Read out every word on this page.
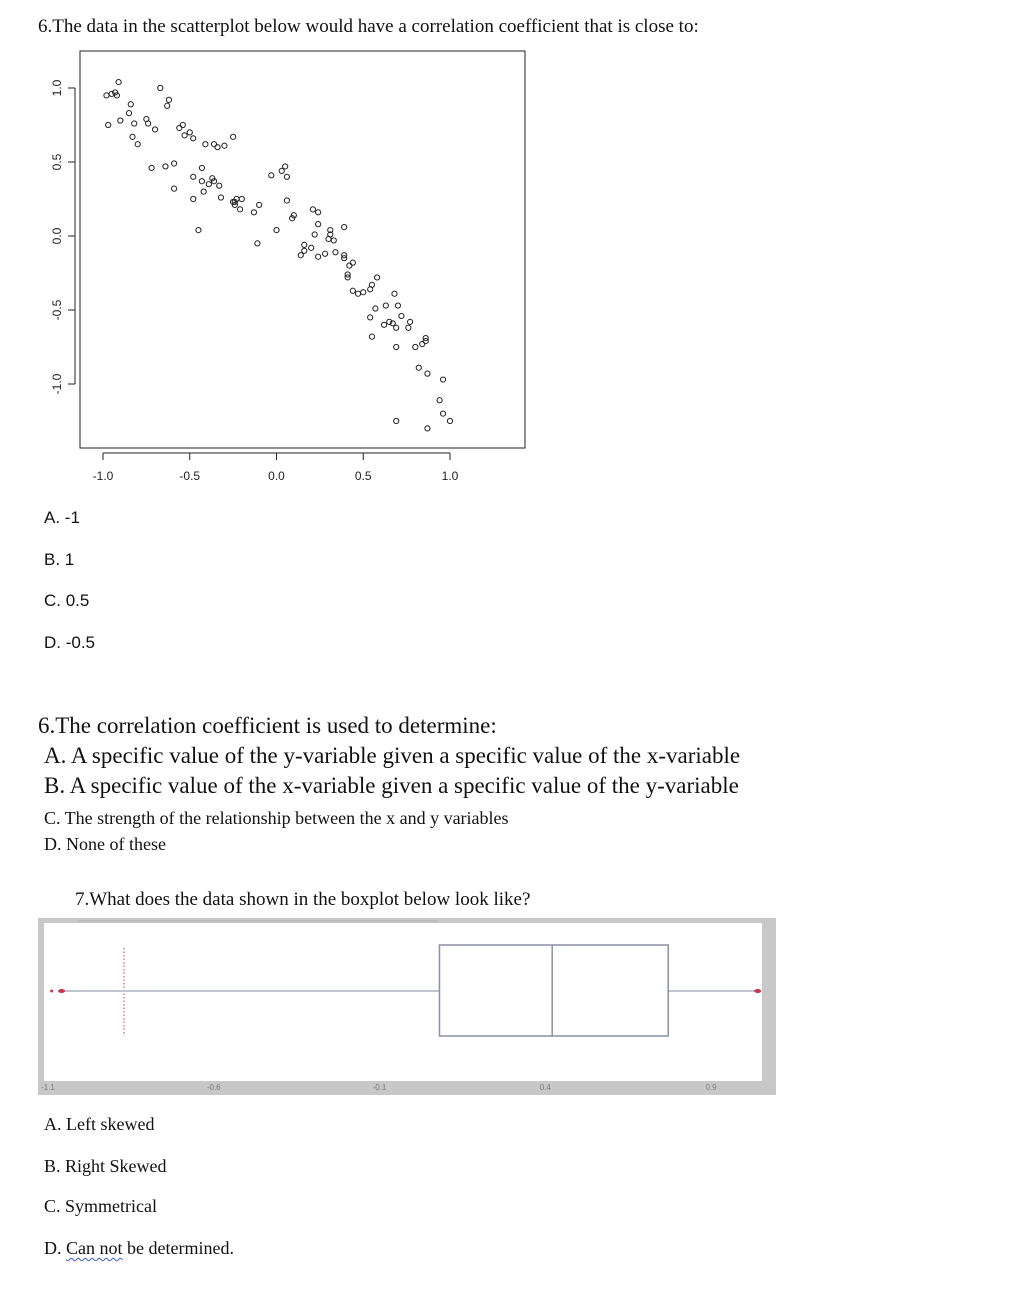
6.The data in the scatterplot below would have a correlation coefficient that is close to:
1.0
0.5
0.0
-0.5
-1.0
-1.0	-0.5	0.0	0.5	1.0
A. -1
B. 1
C. 0.5
D. -0.5
6.The correlation coefficient is used to determine:
A. A specific value of the y-variable given a specific value of the x-variable
B. A specific value of the x-variable given a specific value of the y-variable
C. The strength of the relationship between the x and y variables
D. None of these
7.What does the data shown in the boxplot below look like?
-1.1	-0.6	-0.1	0.4	0.9
A. Left skewed
B. Right Skewed
C. Symmetrical
D. Can not be determined.
